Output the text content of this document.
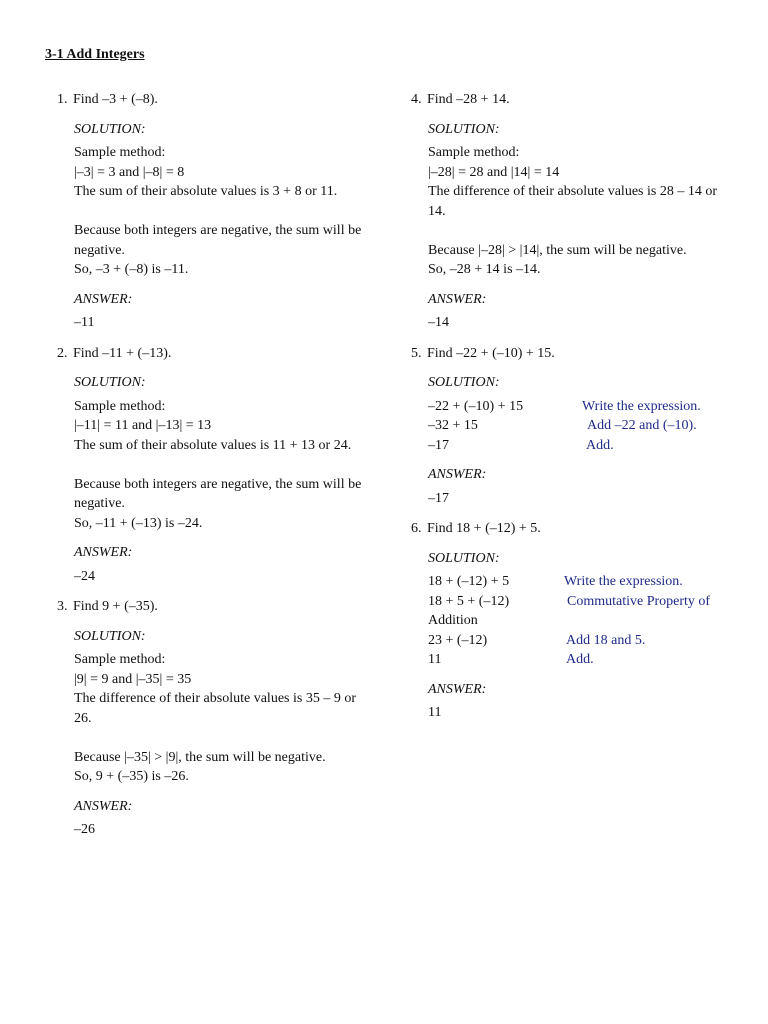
3-1 Add Integers
1. Find –3 + (–8).
SOLUTION:
Sample method:
|–3| = 3 and |–8| = 8
The sum of their absolute values is 3 + 8 or 11.
Because both integers are negative, the sum will be
negative.
So, –3 + (–8) is –11.
ANSWER:
–11
2. Find –11 + (–13).
SOLUTION:
Sample method:
|–11| = 11 and |–13| = 13
The sum of their absolute values is 11 + 13 or 24.
Because both integers are negative, the sum will be
negative.
So, –11 + (–13) is –24.
ANSWER:
–24
3. Find 9 + (–35).
SOLUTION:
Sample method:
|9| = 9 and |–35| = 35
The difference of their absolute values is 35 – 9 or
26.
Because |–35| > |9|, the sum will be negative.
So, 9 + (–35) is –26.
ANSWER:
–26
4. Find –28 + 14.
SOLUTION:
Sample method:
|–28| = 28 and |14| = 14
The difference of their absolute values is 28 – 14 or
14.
Because |–28| > |14|, the sum will be negative.
So, –28 + 14 is –14.
ANSWER:
–14
5. Find –22 + (–10) + 15.
SOLUTION:
–22 + (–10) + 15	Write the expression.
–32 + 15	Add –22 and (–10).
–17	Add.
ANSWER:
–17
6. Find 18 + (–12) + 5.
SOLUTION:
18 + (–12) + 5	Write the expression.
18 + 5 + (–12)	Commutative Property of
Addition
23 + (–12)	Add 18 and 5.
11	Add.
ANSWER:
11
